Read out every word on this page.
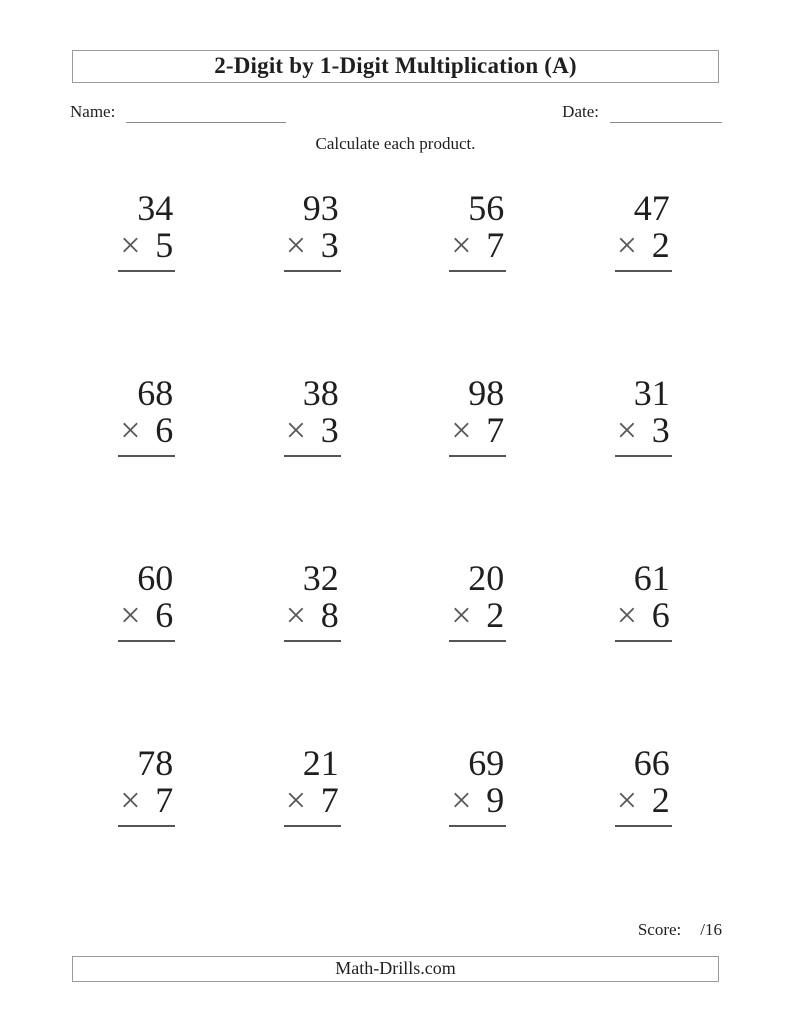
2-Digit by 1-Digit Multiplication (A)
Name:	Date:
Calculate each product.
34
× 5
93
× 3
56
× 7
47
× 2
68
× 6
38
× 3
98
× 7
31
× 3
60
× 6
32
× 8
20
× 2
61
× 6
78
× 7
21
× 7
69
× 9
66
× 2
Score: /16
Math-Drills.com
